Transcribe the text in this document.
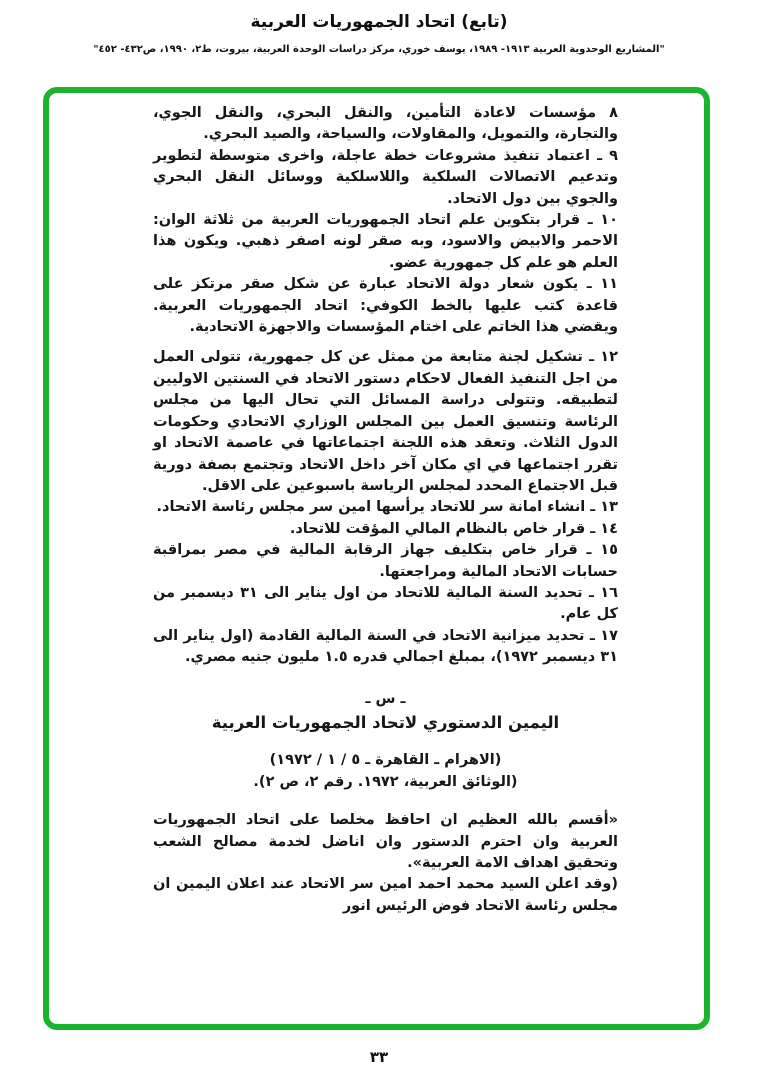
(تابع) اتحاد الجمهوريات العربية
"المشاريع الوحدوية العربية ١٩١٣- ١٩٨٩، يوسف خوري، مركز دراسات الوحدة العربية، بيروت، ط٢، ١٩٩٠، ص٤٣٢- ٤٥٢"

٨ مؤسسات لاعادة التأمين، والنقل البحري، والنقل الجوي، والتجارة، والتمويل، والمقاولات، والسياحة، والصيد البحري.

٩ ـ اعتماد تنفيذ مشروعات خطة عاجلة، واخرى متوسطة لتطوير وتدعيم الاتصالات السلكية واللاسلكية ووسائل النقل البحري والجوي بين دول الاتحاد.

١٠ ـ قرار بتكوين علم اتحاد الجمهوريات العربية من ثلاثة الوان: الاحمر والابيض والاسود، وبه صقر لونه اصفر ذهبي. ويكون هذا العلم هو علم كل جمهورية عضو.

١١ ـ يكون شعار دولة الاتحاد عبارة عن شكل صقر مرتكز على قاعدة كتب عليها بالخط الكوفي: اتحاد الجمهوريات العربية. ويقضي هذا الخاتم على اختام المؤسسات والاجهزة الاتحادية.

١٢ ـ تشكيل لجنة متابعة من ممثل عن كل جمهورية، تتولى العمل من اجل التنفيذ الفعال لاحكام دستور الاتحاد في السنتين الاوليين لتطبيقه. وتتولى دراسة المسائل التي تحال اليها من مجلس الرئاسة وتنسيق العمل بين المجلس الوزاري الاتحادي وحكومات الدول الثلاث. وتعقد هذه اللجنة اجتماعاتها في عاصمة الاتحاد او تقرر اجتماعها في اي مكان آخر داخل الاتحاد وتجتمع بصفة دورية قبل الاجتماع المحدد لمجلس الرياسة باسبوعين على الاقل.

١٣ ـ انشاء امانة سر للاتحاد يرأسها امين سر مجلس رئاسة الاتحاد.

١٤ ـ قرار خاص بالنظام المالي المؤقت للاتحاد.

١٥ ـ قرار خاص بتكليف جهاز الرقابة المالية في مصر بمراقبة حسابات الاتحاد المالية ومراجعتها.

١٦ ـ تحديد السنة المالية للاتحاد من اول يناير الى ٣١ ديسمبر من كل عام.

١٧ ـ تحديد ميزانية الاتحاد في السنة المالية القادمة (اول يناير الى ٣١ ديسمبر ١٩٧٢)، بمبلغ اجمالي قدره ١.٥ مليون جنيه مصري.

ـ س ـ
اليمين الدستوري لاتحاد الجمهوريات العربية
(الاهرام ـ القاهرة ـ ٥ / ١ / ١٩٧٢)
(الوثائق العربية، ١٩٧٢. رقم ٢، ص ٢).

«أقسم بالله العظيم ان احافظ مخلصا على اتحاد الجمهوريات العربية وان احترم الدستور وان اناضل لخدمة مصالح الشعب وتحقيق اهداف الامة العربية».

(وقد اعلن السيد محمد احمد امين سر الاتحاد عند اعلان اليمين ان مجلس رئاسة الاتحاد فوض الرئيس انور

٣٣
